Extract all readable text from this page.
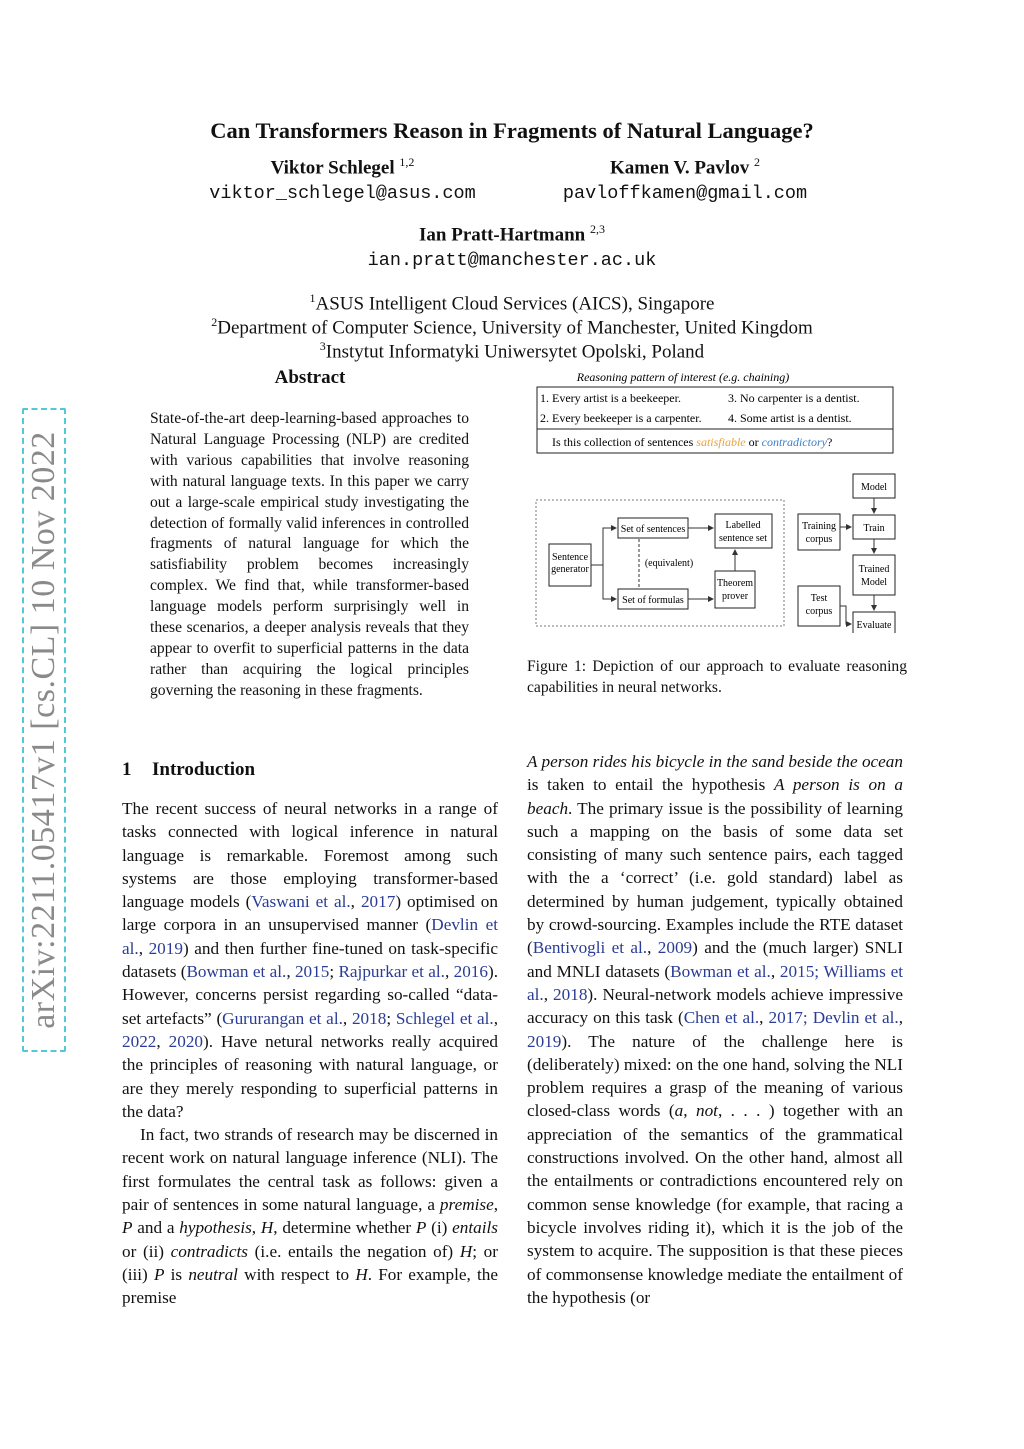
Can Transformers Reason in Fragments of Natural Language?
Viktor Schlegel $^{1,2}$
viktor_schlegel@asus.com
Kamen V. Pavlov $^2$
pavloffkamen@gmail.com
Ian Pratt-Hartmann $^{2,3}$
ian.pratt@manchester.ac.uk
$^1$ASUS Intelligent Cloud Services (AICS), Singapore
$^2$Department of Computer Science, University of Manchester, United Kingdom
$^3$Instytut Informatyki Uniwersytet Opolski, Poland
arXiv:2211.05417v1 [cs.CL] 10 Nov 2022
Abstract
State-of-the-art deep-learning-based approaches to Natural Language Processing (NLP) are credited with various capabilities that involve reasoning with natural language texts. In this paper we carry out a large-scale empirical study investigating the detection of formally valid inferences in controlled fragments of natural language for which the satisfiability problem becomes increasingly complex. We find that, while transformer-based language models perform surprisingly well in these scenarios, a deeper analysis reveals that they appear to overfit to superficial patterns in the data rather than acquiring the logical principles governing the reasoning in these fragments.
1 Introduction

The recent success of neural networks in a range of tasks connected with logical inference in natural language is remarkable. Foremost among such systems are those employing transformer-based language models (Vaswani et al., 2017) optimised on large corpora in an unsupervised manner (Devlin et al., 2019) and then further fine-tuned on task-specific datasets (Bowman et al., 2015; Rajpurkar et al., 2016). However, concerns persist regarding so-called “data-set artefacts” (Gururangan et al., 2018; Schlegel et al., 2022, 2020). Have netural networks really acquired the principles of reasoning with natural language, or are they merely responding to superficial patterns in the data?

In fact, two strands of research may be discerned in recent work on natural language inference (NLI). The first formulates the central task as follows: given a pair of sentences in some natural language, a premise, P and a hypothesis, H, determine whether P (i) entails or (ii) contradicts (i.e. entails the negation of) H; or (iii) P is neutral with respect to H. For example, the premise

A person rides his bicycle in the sand beside the ocean is taken to entail the hypothesis A person is on a beach. The primary issue is the possibility of learning such a mapping on the basis of some data set consisting of many such sentence pairs, each tagged with the a ‘correct’ (i.e. gold standard) label as determined by human judgement, typically obtained by crowd-sourcing. Examples include the RTE dataset (Bentivogli et al., 2009) and the (much larger) SNLI and MNLI datasets (Bowman et al., 2015; Williams et al., 2018). Neural-network models achieve impressive accuracy on this task (Chen et al., 2017; Devlin et al., 2019). The nature of the challenge here is (deliberately) mixed: on the one hand, solving the NLI problem requires a grasp of the meaning of various closed-class words (a, not, . . . ) together with an appreciation of the semantics of the grammatical constructions involved. On the other hand, almost all the entailments or contradictions encountered rely on common sense knowledge (for example, that racing a bicycle involves riding it), which it is the job of the system to acquire. The supposition is that these pieces of commonsense knowledge mediate the entailment of the hypothesis (or

Reasoning pattern of interest (e.g. chaining)
1. Every artist is a beekeeper.	3. No carpenter is a dentist.
2. Every beekeeper is a carpenter. 4. Some artist is a dentist.
Is this collection of sentences satisfiable or contradictory?
Sentence
generator
Set of sentences
(equivalent)
Set of formulas
Labelled
sentence set
Theorem
prover
Training
corpus
Test
corpus
Model
Train
Trained
Model
Evaluate
Figure 1: Depiction of our approach to evaluate reasoning capabilities in neural networks.
